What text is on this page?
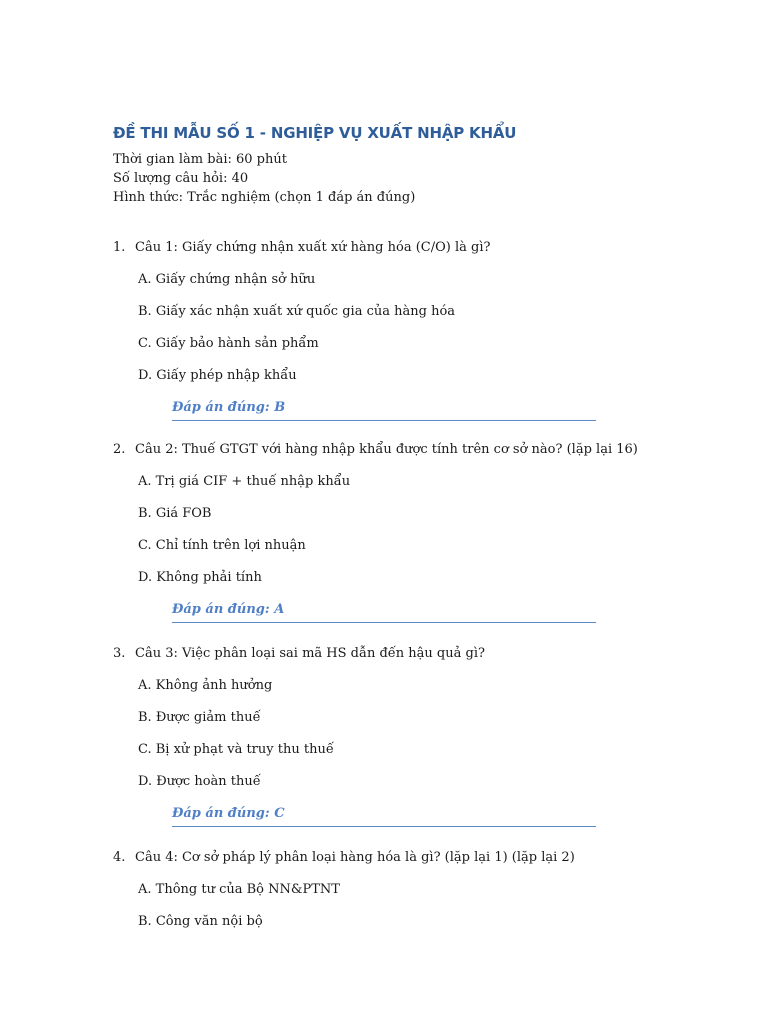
ĐỀ THI MẪU SỐ 1 - NGHIỆP VỤ XUẤT NHẬP KHẨU
Thời gian làm bài: 60 phút
Số lượng câu hỏi: 40
Hình thức: Trắc nghiệm (chọn 1 đáp án đúng)
1. Câu 1: Giấy chứng nhận xuất xứ hàng hóa (C/O) là gì?
A. Giấy chứng nhận sở hữu
B. Giấy xác nhận xuất xứ quốc gia của hàng hóa
C. Giấy bảo hành sản phẩm
D. Giấy phép nhập khẩu
Đáp án đúng: B
2. Câu 2: Thuế GTGT với hàng nhập khẩu được tính trên cơ sở nào? (lặp lại 16)
A. Trị giá CIF + thuế nhập khẩu
B. Giá FOB
C. Chỉ tính trên lợi nhuận
D. Không phải tính
Đáp án đúng: A
3. Câu 3: Việc phân loại sai mã HS dẫn đến hậu quả gì?
A. Không ảnh hưởng
B. Được giảm thuế
C. Bị xử phạt và truy thu thuế
D. Được hoàn thuế
Đáp án đúng: C
4. Câu 4: Cơ sở pháp lý phân loại hàng hóa là gì? (lặp lại 1) (lặp lại 2)
A. Thông tư của Bộ NN&PTNT
B. Công văn nội bộ
